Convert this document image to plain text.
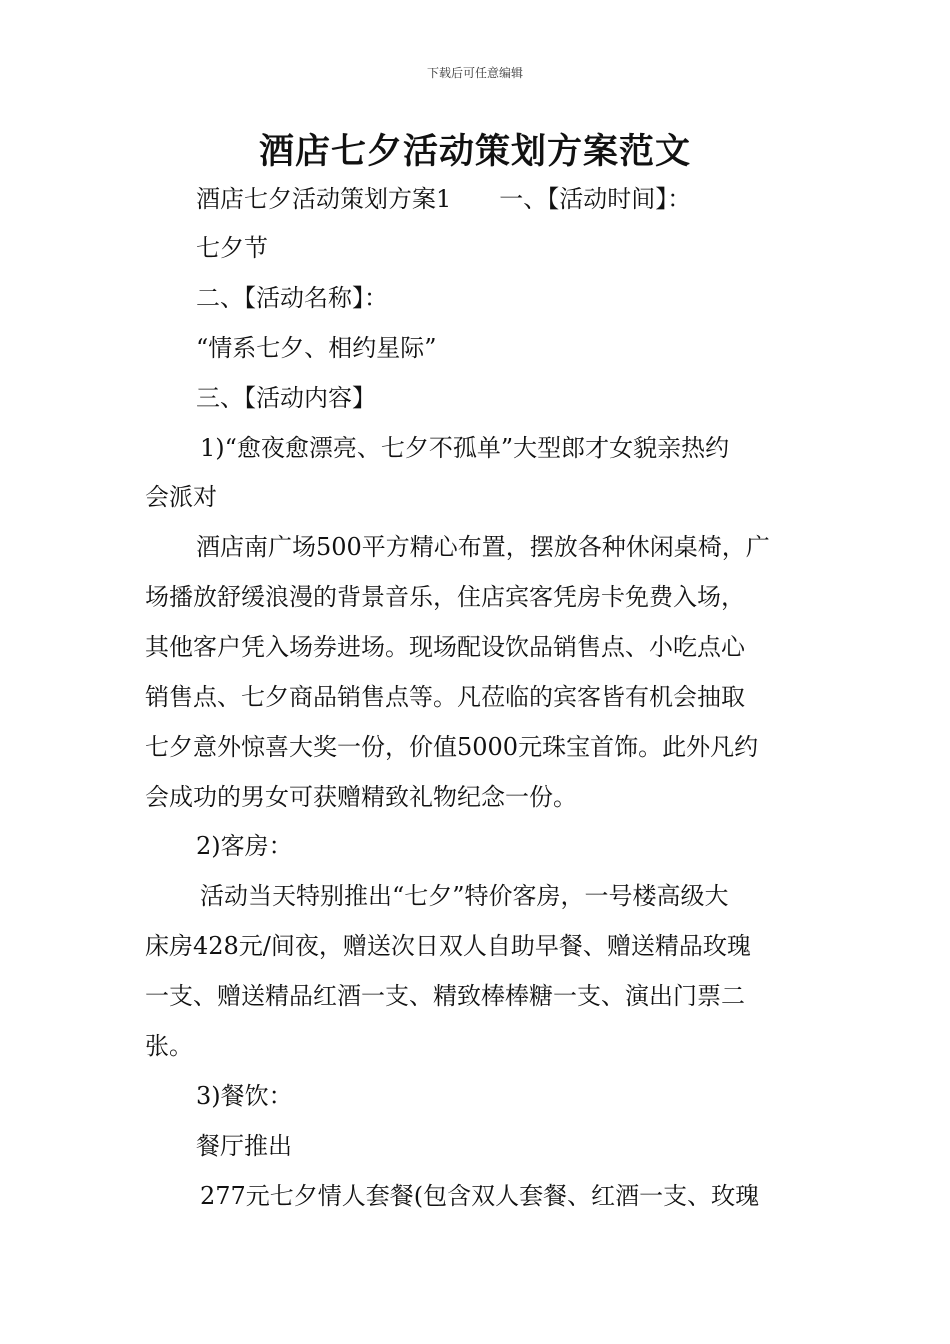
下载后可任意编辑
酒店七夕活动策划方案范文
酒店七夕活动策划方案1　　一、【活动时间】：
七夕节
二、【活动名称】：
“情系七夕、相约星际”
三、【活动内容】
1)“愈夜愈漂亮、七夕不孤单”大型郎才女貌亲热约
会派对
酒店南广场500平方精心布置，摆放各种休闲桌椅，广
场播放舒缓浪漫的背景音乐，住店宾客凭房卡免费入场，
其他客户凭入场券进场。现场配设饮品销售点、小吃点心
销售点、七夕商品销售点等。凡莅临的宾客皆有机会抽取
七夕意外惊喜大奖一份，价值5000元珠宝首饰。此外凡约
会成功的男女可获赠精致礼物纪念一份。
2)客房：
活动当天特别推出“七夕”特价客房，一号楼高级大
床房428元/间夜，赠送次日双人自助早餐、赠送精品玫瑰
一支、赠送精品红酒一支、精致棒棒糖一支、演出门票二
张。
3)餐饮：
餐厅推出
277元七夕情人套餐(包含双人套餐、红酒一支、玫瑰
